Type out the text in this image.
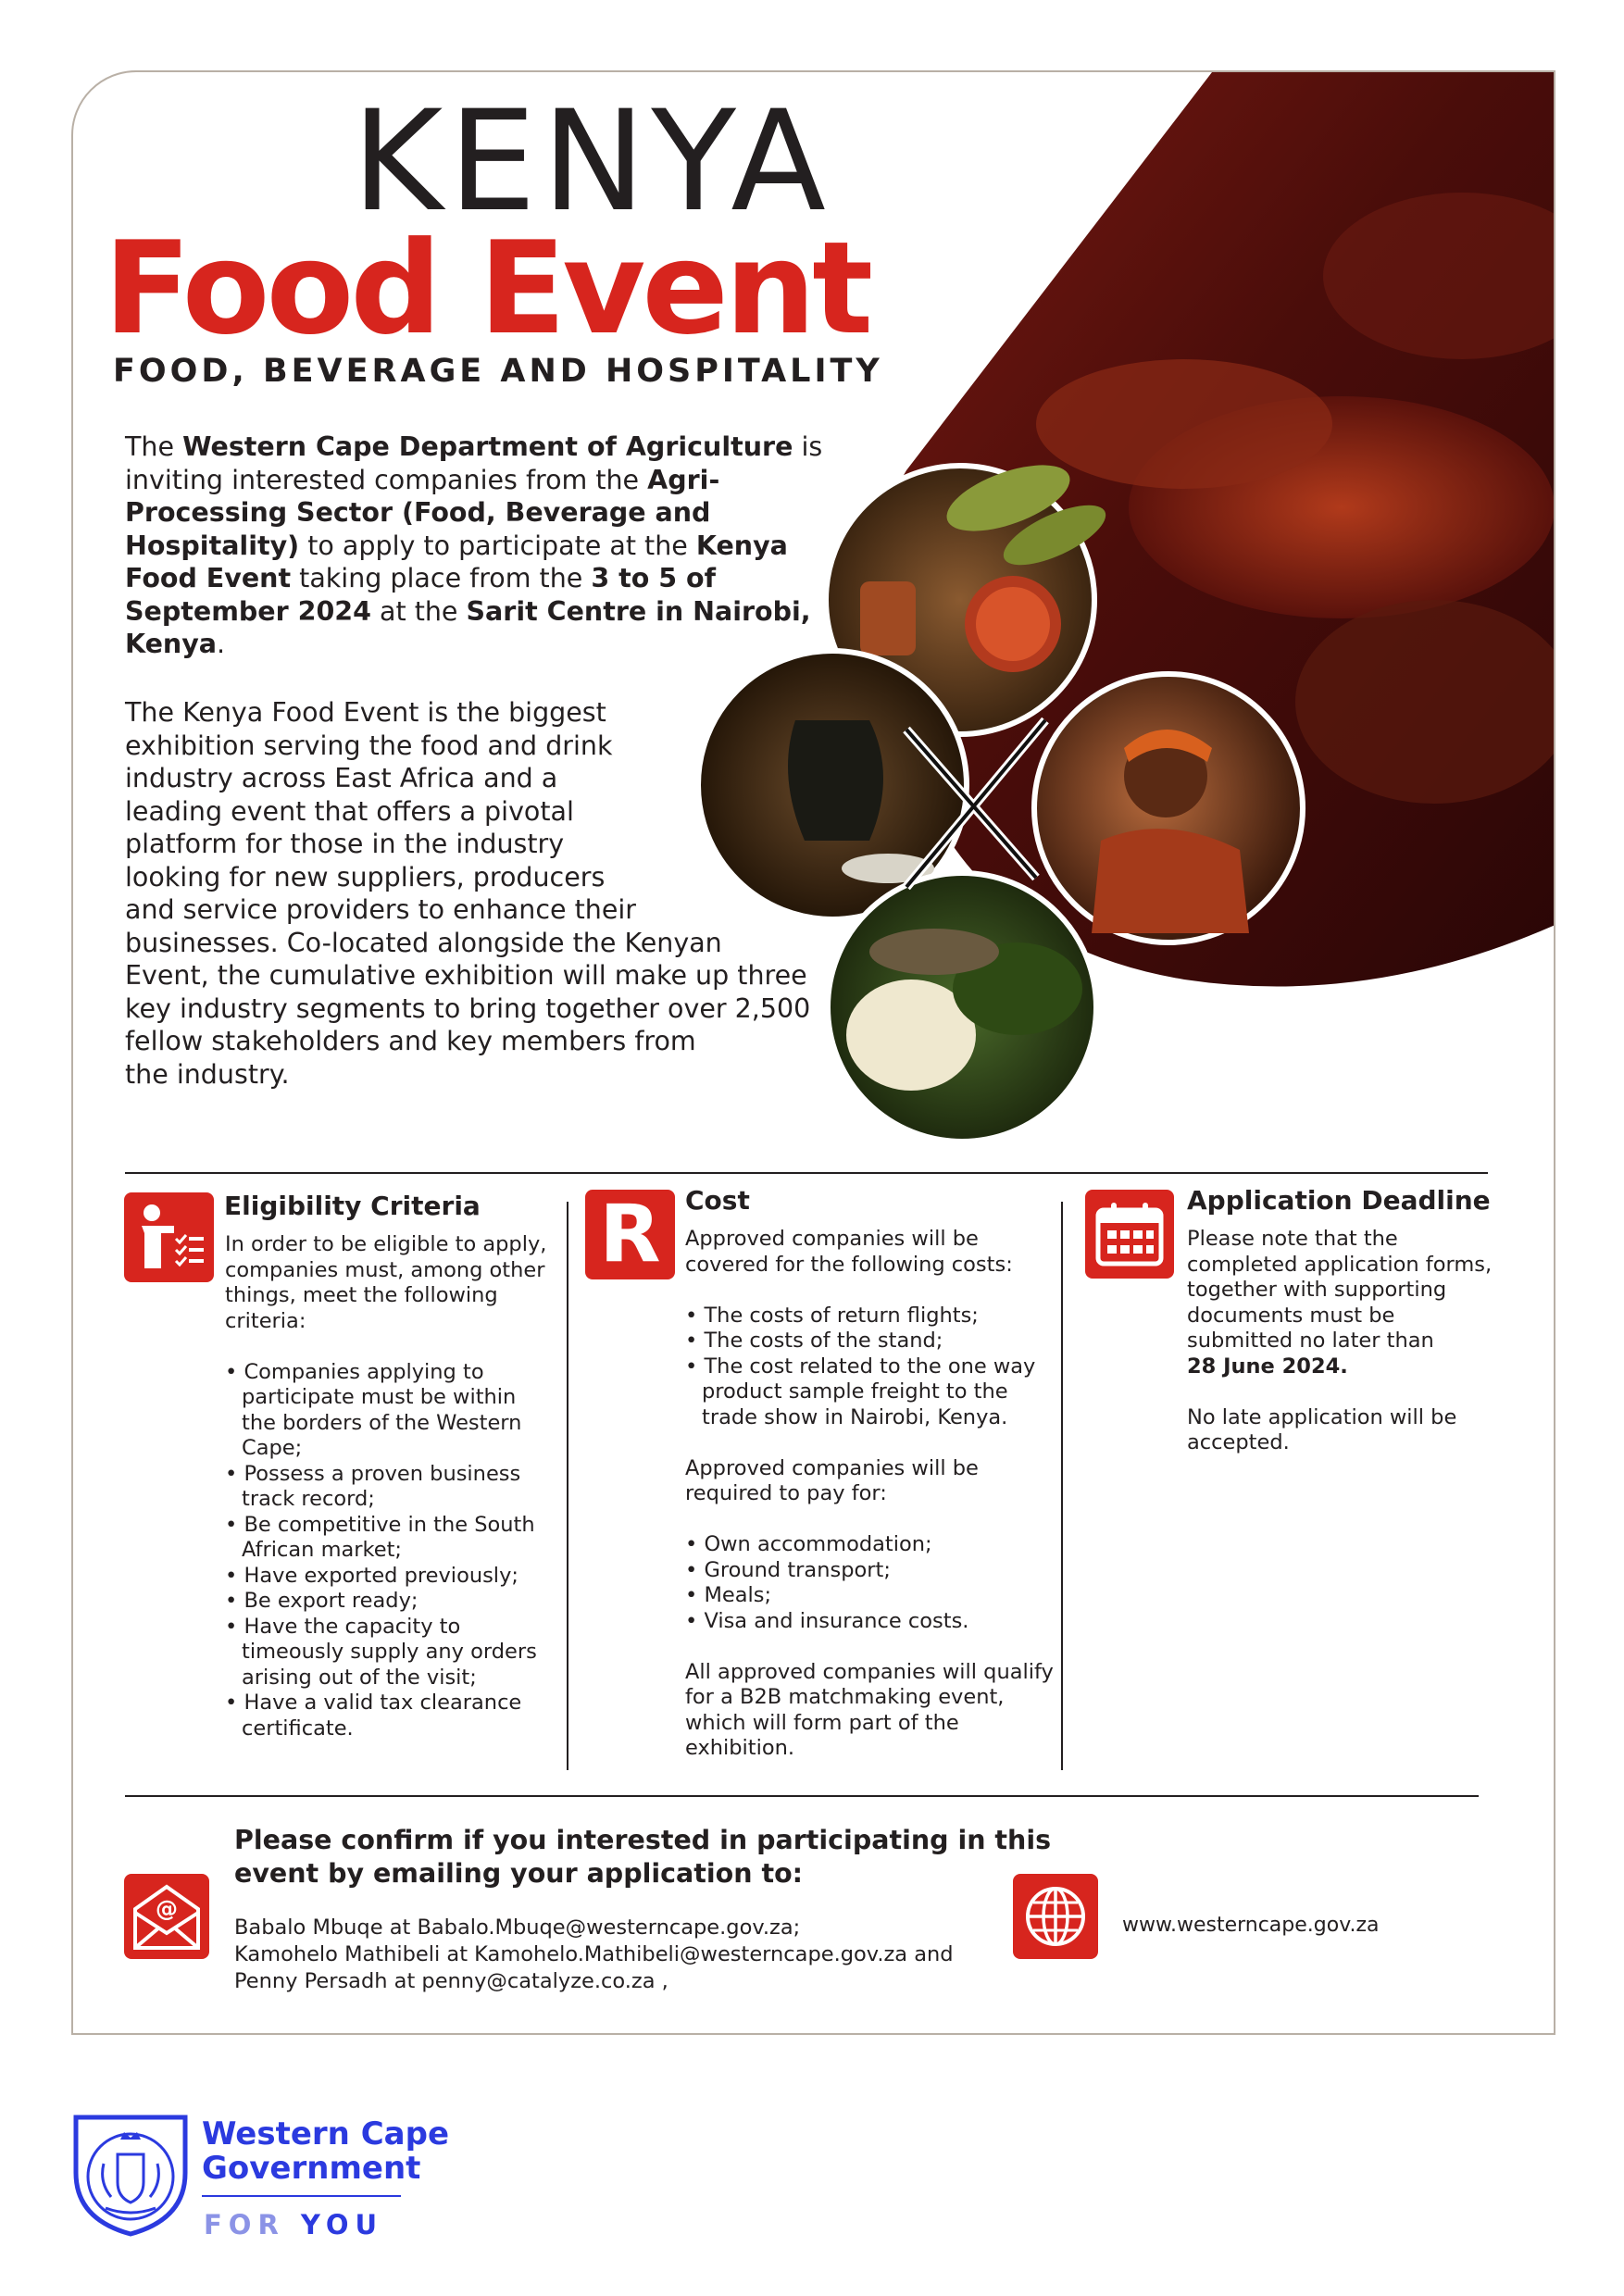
KENYA
Food Event
FOOD, BEVERAGE AND HOSPITALITY

The Western Cape Department of Agriculture is inviting interested companies from the Agri-Processing Sector (Food, Beverage and Hospitality) to apply to participate at the Kenya Food Event taking place from the 3 to 5 of September 2024 at the Sarit Centre in Nairobi, Kenya.

The Kenya Food Event is the biggest
exhibition serving the food and drink
industry across East Africa and a
leading event that offers a pivotal
platform for those in the industry
looking for new suppliers, producers
and service providers to enhance their
businesses. Co-located alongside the Kenyan
Event, the cumulative exhibition will make up three
key industry segments to bring together over 2,500
fellow stakeholders and key members from
the industry.

Eligibility Criteria

In order to be eligible to apply, companies must, among other things, meet the following criteria:

• Companies applying to participate must be within the borders of the Western Cape;
• Possess a proven business track record;
• Be competitive in the South African market;
• Have exported previously;
• Be export ready;
• Have the capacity to timeously supply any orders arising out of the visit;
• Have a valid tax clearance certificate.
R Cost

Approved companies will be covered for the following costs:

• The costs of return flights;
• The costs of the stand;
• The cost related to the one way product sample freight to the trade show in Nairobi, Kenya.

Approved companies will be required to pay for:

• Own accommodation;
• Ground transport;
• Meals;
• Visa and insurance costs.

All approved companies will qualify for a B2B matchmaking event, which will form part of the exhibition.

Application Deadline

Please note that the completed application forms, together with supporting documents must be submitted no later than

28 June 2024.

No late application will be accepted.

@

Please confirm if you interested in participating in this
event by emailing your application to:

Babalo Mbuqe at Babalo.Mbuqe@westerncape.gov.za;
Kamohelo Mathibeli at Kamohelo.Mathibeli@westerncape.gov.za and
Penny Persadh at penny@catalyze.co.za ,

www.westerncape.gov.za

Western Cape
Government
FOR YOU
